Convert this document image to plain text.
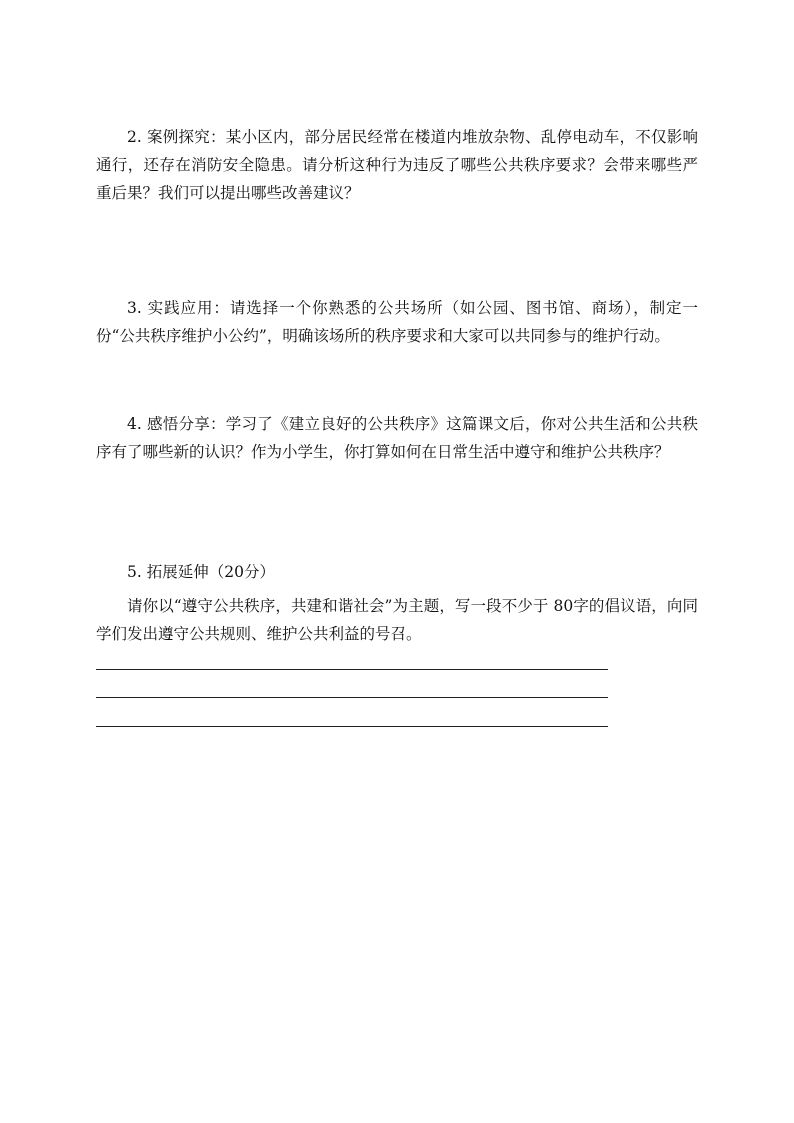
2. 案例探究：某小区内，部分居民经常在楼道内堆放杂物、乱停电动车，不仅影响通行，还存在消防安全隐患。请分析这种行为违反了哪些公共秩序要求？会带来哪些严重后果？我们可以提出哪些改善建议？

3. 实践应用：请选择一个你熟悉的公共场所（如公园、图书馆、商场），制定一份“公共秩序维护小公约”，明确该场所的秩序要求和大家可以共同参与的维护行动。

4. 感悟分享：学习了《建立良好的公共秩序》这篇课文后，你对公共生活和公共秩序有了哪些新的认识？作为小学生，你打算如何在日常生活中遵守和维护公共秩序？

5. 拓展延伸（20分）

请你以“遵守公共秩序，共建和谐社会”为主题，写一段不少于 80字的倡议语，向同学们发出遵守公共规则、维护公共利益的号召。
